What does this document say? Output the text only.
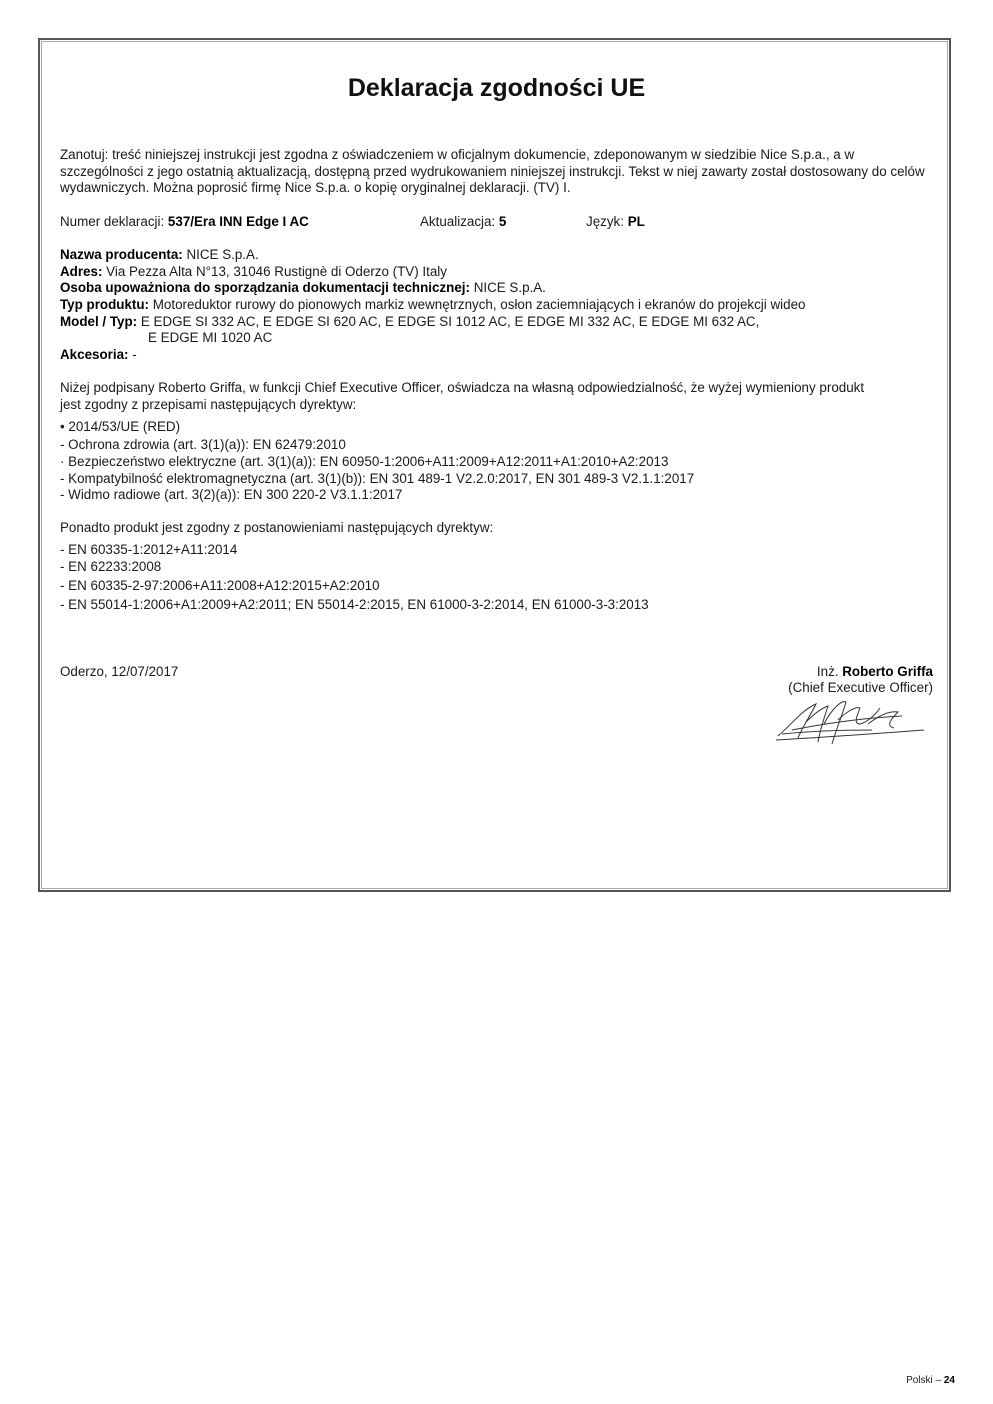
Deklaracja zgodności UE
Zanotuj: treść niniejszej instrukcji jest zgodna z oświadczeniem w oficjalnym dokumencie, zdeponowanym w siedzibie Nice S.p.a., a w szczególności z jego ostatnią aktualizacją, dostępną przed wydrukowaniem niniejszej instrukcji. Tekst w niej zawarty został dostosowany do celów wydawniczych. Można poprosić firmę Nice S.p.a. o kopię oryginalnej deklaracji. (TV) I.
Numer deklaracji: 537/Era INN Edge I AC	Aktualizacja: 5	Język: PL
Nazwa producenta: NICE S.p.A.
Adres: Via Pezza Alta N°13, 31046 Rustignè di Oderzo (TV) Italy
Osoba upoważniona do sporządzania dokumentacji technicznej: NICE S.p.A.
Typ produktu: Motoreduktor rurowy do pionowych markiz wewnętrznych, osłon zaciemniających i ekranów do projekcji wideo
Model / Typ: E EDGE SI 332 AC, E EDGE SI 620 AC, E EDGE SI 1012 AC, E EDGE MI 332 AC, E EDGE MI 632 AC,
E EDGE MI 1020 AC
Akcesoria: -
Niżej podpisany Roberto Griffa, w funkcji Chief Executive Officer, oświadcza na własną odpowiedzialność, że wyżej wymieniony produkt
jest zgodny z przepisami następujących dyrektyw:
• 2014/53/UE (RED)
- Ochrona zdrowia (art. 3(1)(a)): EN 62479:2010
· Bezpieczeństwo elektryczne (art. 3(1)(a)): EN 60950-1:2006+A11:2009+A12:2011+A1:2010+A2:2013
- Kompatybilność elektromagnetyczna (art. 3(1)(b)): EN 301 489-1 V2.2.0:2017, EN 301 489-3 V2.1.1:2017
- Widmo radiowe (art. 3(2)(a)): EN 300 220-2 V3.1.1:2017
Ponadto produkt jest zgodny z postanowieniami następujących dyrektyw:
- EN 60335-1:2012+A11:2014
- EN 62233:2008
- EN 60335-2-97:2006+A11:2008+A12:2015+A2:2010
- EN 55014-1:2006+A1:2009+A2:2011; EN 55014-2:2015, EN 61000-3-2:2014, EN 61000-3-3:2013
Oderzo, 12/07/2017	Inż. Roberto Griffa
(Chief Executive Officer)
Polski – 24
